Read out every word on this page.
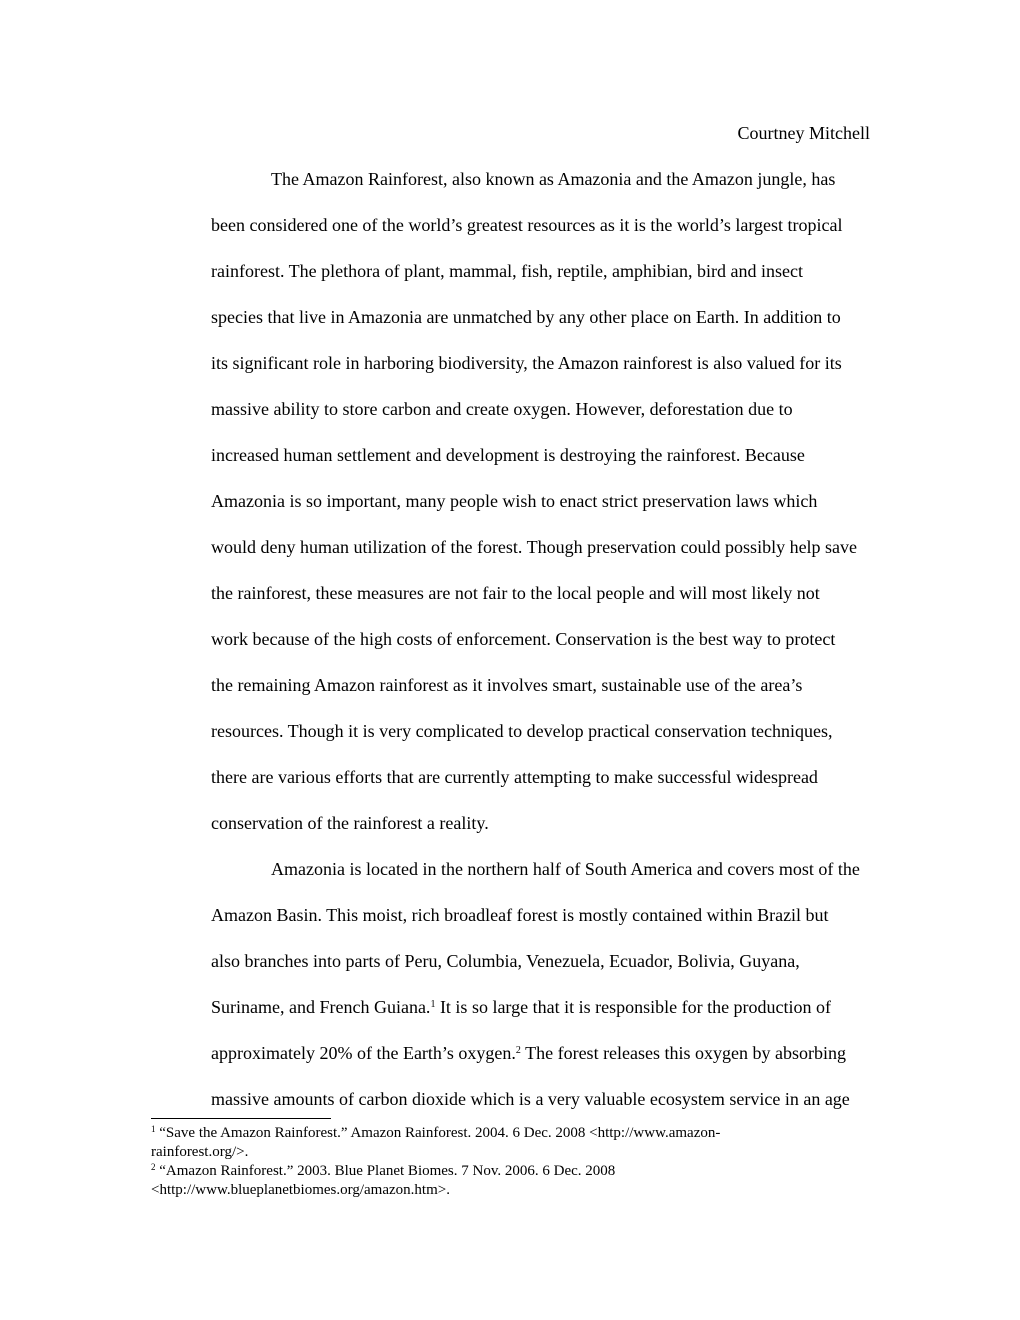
Courtney Mitchell

The Amazon Rainforest, also known as Amazonia and the Amazon jungle, has
been considered one of the world’s greatest resources as it is the world’s largest tropical
rainforest. The plethora of plant, mammal, fish, reptile, amphibian, bird and insect
species that live in Amazonia are unmatched by any other place on Earth. In addition to
its significant role in harboring biodiversity, the Amazon rainforest is also valued for its
massive ability to store carbon and create oxygen. However, deforestation due to
increased human settlement and development is destroying the rainforest. Because
Amazonia is so important, many people wish to enact strict preservation laws which
would deny human utilization of the forest. Though preservation could possibly help save
the rainforest, these measures are not fair to the local people and will most likely not
work because of the high costs of enforcement. Conservation is the best way to protect
the remaining Amazon rainforest as it involves smart, sustainable use of the area’s
resources. Though it is very complicated to develop practical conservation techniques,
there are various efforts that are currently attempting to make successful widespread
conservation of the rainforest a reality.
Amazonia is located in the northern half of South America and covers most of the
Amazon Basin. This moist, rich broadleaf forest is mostly contained within Brazil but
also branches into parts of Peru, Columbia, Venezuela, Ecuador, Bolivia, Guyana,
Suriname, and French Guiana.$^1$ It is so large that it is responsible for the production of
approximately 20% of the Earth’s oxygen.$^2$ The forest releases this oxygen by absorbing
massive amounts of carbon dioxide which is a very valuable ecosystem service in an age
$^1$ “Save the Amazon Rainforest.” Amazon Rainforest. 2004. 6 Dec. 2008 <http://www.amazon-
rainforest.org/>.
$^2$ “Amazon Rainforest.” 2003. Blue Planet Biomes. 7 Nov. 2006. 6 Dec. 2008
<http://www.blueplanetbiomes.org/amazon.htm>.
